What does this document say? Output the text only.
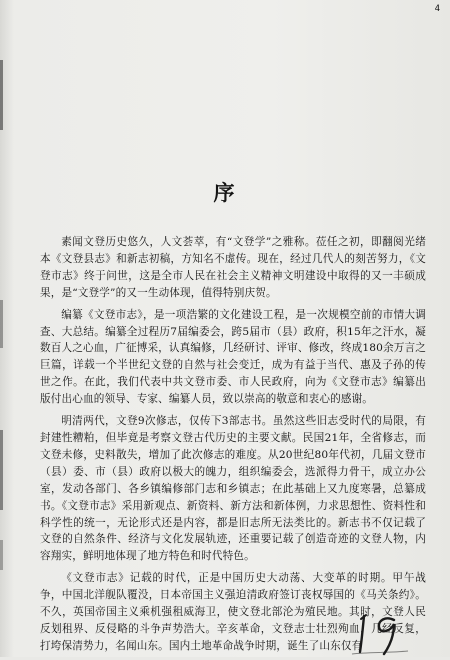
4
序

素闻文登历史悠久，人文荟萃，有“文登学”之雅称。莅任之初，即翻阅光绪本《文登县志》和新志初稿，方知名不虚传。现在，经过几代人的刻苦努力，《文登市志》终于问世，这是全市人民在社会主义精神文明建设中取得的又一丰硕成果，是“文登学”的又一生动体现，值得特别庆贺。

编纂《文登市志》，是一项浩繁的文化建设工程，是一次规模空前的市情大调查、大总结。编纂全过程历7届编委会，跨5届市（县）政府，积15年之汗水，凝数百人之心血，广征博采，认真编修，几经研讨、评审、修改，终成180余万言之巨篇，详载一个半世纪文登的自然与社会变迁，成为有益于当代、惠及子孙的传世之作。在此，我们代表中共文登市委、市人民政府，向为《文登市志》编纂出版付出心血的领导、专家、编纂人员，致以崇高的敬意和衷心的感谢。

明清两代，文登9次修志，仅传下3部志书。虽然这些旧志受时代的局限，有封建性糟粕，但毕竟是考察文登古代历史的主要文献。民国21年，全省修志，而文登未修，史料散失，增加了此次修志的难度。从20世纪80年代初，几届文登市（县）委、市（县）政府以极大的魄力，组织编委会，选派得力骨干，成立办公室，发动各部门、各乡镇编修部门志和乡镇志；在此基础上又九度寒暑，总纂成书。《文登市志》采用新观点、新资料、新方法和新体例，力求思想性、资料性和科学性的统一，无论形式还是内容，都是旧志所无法类比的。新志书不仅记载了文登的自然条件、经济与文化发展轨迹，还重要记载了创造奇迹的文登人物，内容翔实，鲜明地体现了地方特色和时代特色。

《文登市志》记载的时代，正是中国历史大动荡、大变革的时期。甲午战争，中国北洋舰队覆没，日本帝国主义强迫清政府签订丧权辱国的《马关条约》。不久，英国帝国主义乘机强租威海卫，使文登北部沦为殖民地。其时，文登人民反划租界、反侵略的斗争声势浩大。辛亥革命，文登志士壮烈殉血，几经反复，打垮保清势力，名闻山东。国内土地革命战争时期，诞生了山东仅有
